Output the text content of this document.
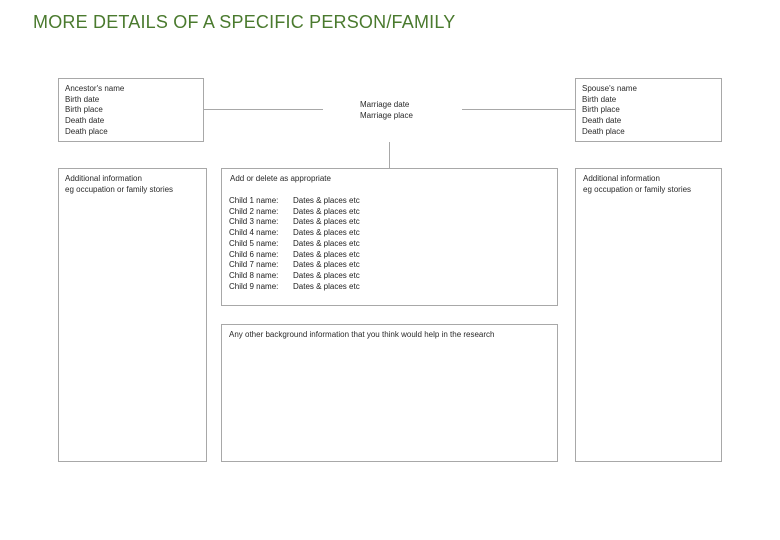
MORE DETAILS OF A SPECIFIC PERSON/FAMILY
Ancestor's name
Birth date
Birth place
Death date
Death place
Marriage date
Marriage place
Spouse's name
Birth date
Birth place
Death date
Death place
Additional information
eg occupation or family stories
Additional information
eg occupation or family stories
Add or delete as appropriate
Child 1 name:	Dates & places etc
Child 2 name:	Dates & places etc
Child 3 name:	Dates & places etc
Child 4 name:	Dates & places etc
Child 5 name:	Dates & places etc
Child 6 name:	Dates & places etc
Child 7 name:	Dates & places etc
Child 8 name:	Dates & places etc
Child 9 name:	Dates & places etc
Any other background information that you think would help in the research
